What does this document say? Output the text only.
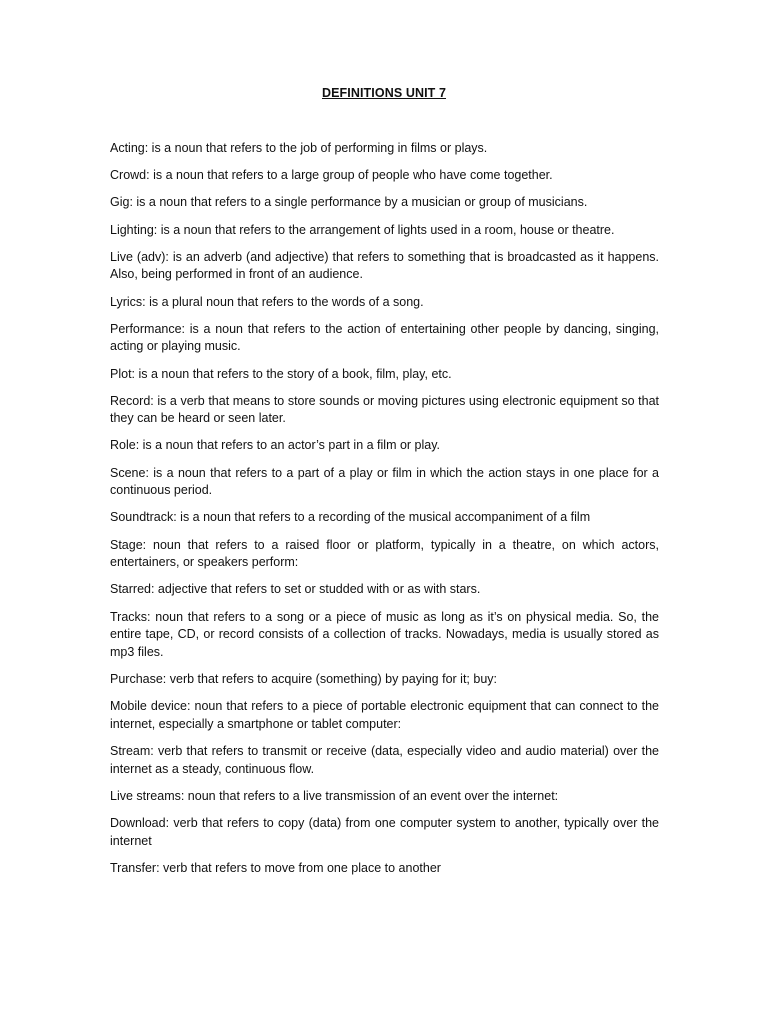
DEFINITIONS UNIT 7
Acting: is a noun that refers to the job of performing in films or plays.
Crowd: is a noun that refers to a large group of people who have come together.
Gig: is a noun that refers to a single performance by a musician or group of musicians.
Lighting: is a noun that refers to the arrangement of lights used in a room, house or theatre.
Live (adv): is an adverb (and adjective) that refers to something that is broadcasted as it happens. Also, being performed in front of an audience.
Lyrics: is a plural noun that refers to the words of a song.
Performance: is a noun that refers to the action of entertaining other people by dancing, singing, acting or playing music.
Plot: is a noun that refers to the story of a book, film, play, etc.
Record: is a verb that means to store sounds or moving pictures using electronic equipment so that they can be heard or seen later.
Role: is a noun that refers to an actor’s part in a film or play.
Scene: is a noun that refers to a part of a play or film in which the action stays in one place for a continuous period.
Soundtrack: is a noun that refers to a recording of the musical accompaniment of a film
Stage: noun that refers to a raised floor or platform, typically in a theatre, on which actors, entertainers, or speakers perform:
Starred: adjective that refers to set or studded with or as with stars.
Tracks: noun that refers to a song or a piece of music as long as it’s on physical media. So, the entire tape, CD, or record consists of a collection of tracks. Nowadays, media is usually stored as mp3 files.
Purchase: verb that refers to acquire (something) by paying for it; buy:
Mobile device: noun that refers to a piece of portable electronic equipment that can connect to the internet, especially a smartphone or tablet computer:
Stream: verb that refers to transmit or receive (data, especially video and audio material) over the internet as a steady, continuous flow.
Live streams: noun that refers to a live transmission of an event over the internet:
Download: verb that refers to copy (data) from one computer system to another, typically over the internet
Transfer: verb that refers to move from one place to another
